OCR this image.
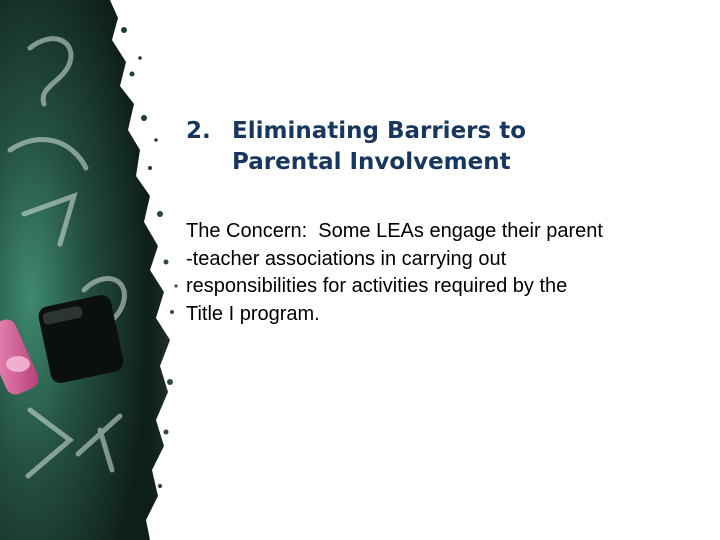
2. Eliminating Barriers to
Parental Involvement
The Concern:  Some LEAs engage their parent
-teacher associations in carrying out
responsibilities for activities required by the
Title I program.
